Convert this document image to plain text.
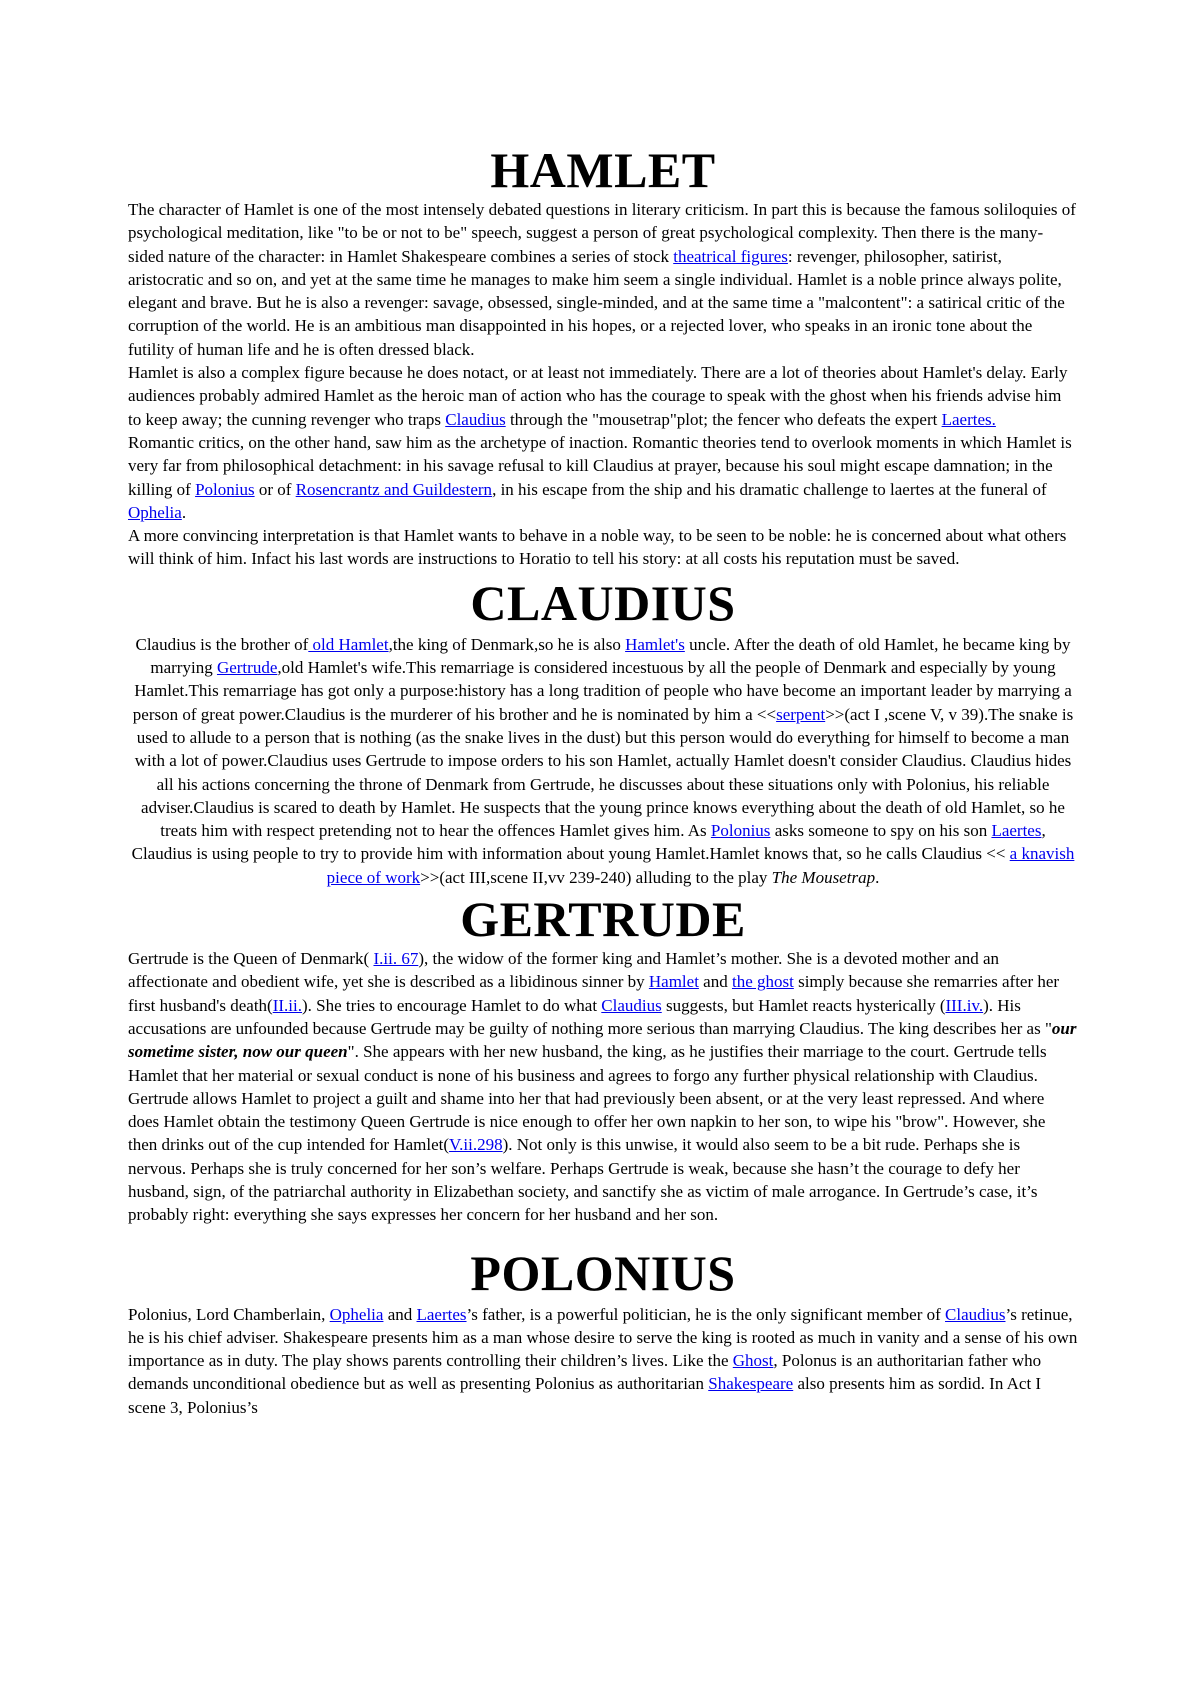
HAMLET

The character of Hamlet is one of the most intensely debated questions in literary criticism. In part this is because the famous soliloquies of psychological meditation, like "to be or not to be" speech, suggest a person of great psychological complexity. Then there is the many-sided nature of the character: in Hamlet Shakespeare combines a series of stock theatrical figures: revenger, philosopher, satirist, aristocratic and so on, and yet at the same time he manages to make him seem a single individual. Hamlet is a noble prince always polite, elegant and brave. But he is also a revenger: savage, obsessed, single-minded, and at the same time a "malcontent": a satirical critic of the corruption of the world. He is an ambitious man disappointed in his hopes, or a rejected lover, who speaks in an ironic tone about the futility of human life and he is often dressed black.

Hamlet is also a complex figure because he does notact, or at least not immediately. There are a lot of theories about Hamlet's delay. Early audiences probably admired Hamlet as the heroic man of action who has the courage to speak with the ghost when his friends advise him to keep away; the cunning revenger who traps Claudius through the "mousetrap"plot; the fencer who defeats the expert Laertes.

Romantic critics, on the other hand, saw him as the archetype of inaction. Romantic theories tend to overlook moments in which Hamlet is very far from philosophical detachment: in his savage refusal to kill Claudius at prayer, because his soul might escape damnation; in the killing of Polonius or of Rosencrantz and Guildestern, in his escape from the ship and his dramatic challenge to laertes at the funeral of Ophelia.

A more convincing interpretation is that Hamlet wants to behave in a noble way, to be seen to be noble: he is concerned about what others will think of him. Infact his last words are instructions to Horatio to tell his story: at all costs his reputation must be saved.

CLAUDIUS

Claudius is the brother of old Hamlet,the king of Denmark,so he is also Hamlet's uncle. After the death of old Hamlet, he became king by marrying Gertrude,old Hamlet's wife.This remarriage is considered incestuous by all the people of Denmark and especially by young Hamlet.This remarriage has got only a purpose:history has a long tradition of people who have become an important leader by marrying a person of great power.Claudius is the murderer of his brother and he is nominated by him a <<serpent>>(act I ,scene V, v 39).The snake is used to allude to a person that is nothing (as the snake lives in the dust) but this person would do everything for himself to become a man with a lot of power.Claudius uses Gertrude to impose orders to his son Hamlet, actually Hamlet doesn't consider Claudius. Claudius hides all his actions concerning the throne of Denmark from Gertrude, he discusses about these situations only with Polonius, his reliable adviser.Claudius is scared to death by Hamlet. He suspects that the young prince knows everything about the death of old Hamlet, so he treats him with respect pretending not to hear the offences Hamlet gives him. As Polonius asks someone to spy on his son Laertes, Claudius is using people to try to provide him with information about young Hamlet.Hamlet knows that, so he calls Claudius << a knavish piece of work>>(act III,scene II,vv 239-240) alluding to the play The Mousetrap.

GERTRUDE

Gertrude is the Queen of Denmark( I.ii. 67), the widow of the former king and Hamlet’s mother. She is a devoted mother and an affectionate and obedient wife, yet she is described as a libidinous sinner by Hamlet and the ghost simply because she remarries after her first husband's death(II.ii.). She tries to encourage Hamlet to do what Claudius suggests, but Hamlet reacts hysterically (III.iv.). His accusations are unfounded because Gertrude may be guilty of nothing more serious than marrying Claudius. The king describes her as "our sometime sister, now our queen". She appears with her new husband, the king, as he justifies their marriage to the court. Gertrude tells Hamlet that her material or sexual conduct is none of his business and agrees to forgo any further physical relationship with Claudius. Gertrude allows Hamlet to project a guilt and shame into her that had previously been absent, or at the very least repressed. And where does Hamlet obtain the testimony Queen Gertrude is nice enough to offer her own napkin to her son, to wipe his "brow". However, she then drinks out of the cup intended for Hamlet(V.ii.298). Not only is this unwise, it would also seem to be a bit rude. Perhaps she is nervous. Perhaps she is truly concerned for her son’s welfare. Perhaps Gertrude is weak, because she hasn’t the courage to defy her husband, sign, of the patriarchal authority in Elizabethan society, and sanctify she as victim of male arrogance. In Gertrude’s case, it’s probably right: everything she says expresses her concern for her husband and her son.

POLONIUS

Polonius, Lord Chamberlain, Ophelia and Laertes’s father, is a powerful politician, he is the only significant member of Claudius’s retinue, he is his chief adviser. Shakespeare presents him as a man whose desire to serve the king is rooted as much in vanity and a sense of his own importance as in duty. The play shows parents controlling their children’s lives. Like the Ghost, Polonus is an authoritarian father who demands unconditional obedience but as well as presenting Polonius as authoritarian Shakespeare also presents him as sordid. In Act I scene 3, Polonius’s
